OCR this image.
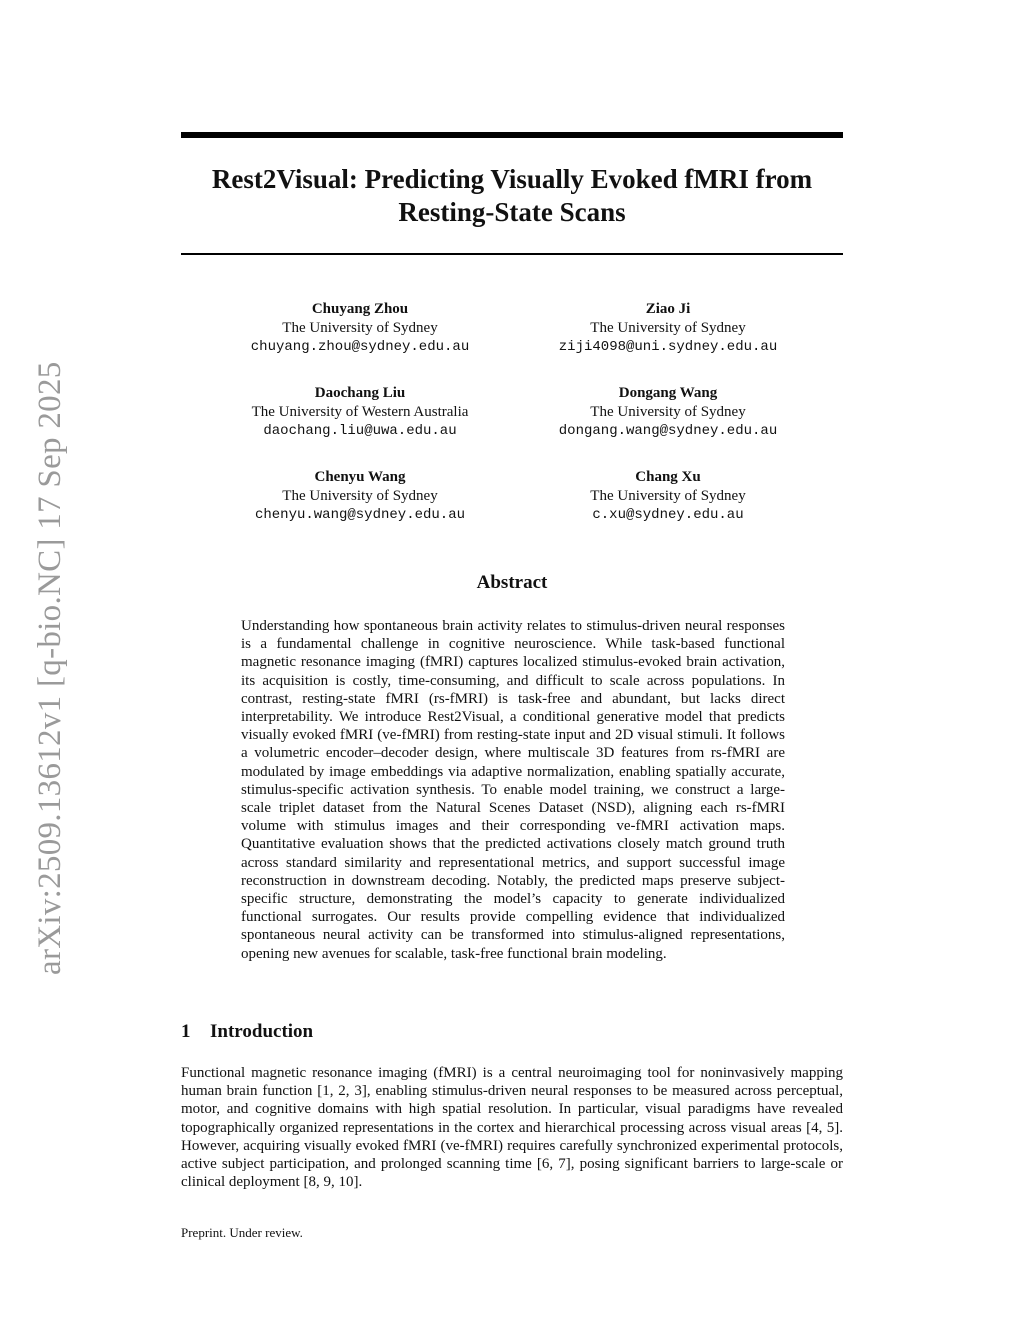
Rest2Visual: Predicting Visually Evoked fMRI from
Resting-State Scans
arXiv:2509.13612v1 [q-bio.NC] 17 Sep 2025
Chuyang Zhou
The University of Sydney
chuyang.zhou@sydney.edu.au
Ziao Ji
The University of Sydney
ziji4098@uni.sydney.edu.au
Daochang Liu
The University of Western Australia
daochang.liu@uwa.edu.au
Dongang Wang
The University of Sydney
dongang.wang@sydney.edu.au
Chenyu Wang
The University of Sydney
chenyu.wang@sydney.edu.au
Chang Xu
The University of Sydney
c.xu@sydney.edu.au
Abstract

Understanding how spontaneous brain activity relates to stimulus-driven neural responses is a fundamental challenge in cognitive neuroscience. While task-based functional magnetic resonance imaging (fMRI) captures localized stimulus-evoked brain activation, its acquisition is costly, time-consuming, and difficult to scale across populations. In contrast, resting-state fMRI (rs-fMRI) is task-free and abundant, but lacks direct interpretability. We introduce Rest2Visual, a conditional generative model that predicts visually evoked fMRI (ve-fMRI) from resting-state input and 2D visual stimuli. It follows a volumetric encoder–decoder design, where multiscale 3D features from rs-fMRI are modulated by image embeddings via adaptive normalization, enabling spatially accurate, stimulus-specific activation synthesis. To enable model training, we construct a large-scale triplet dataset from the Natural Scenes Dataset (NSD), aligning each rs-fMRI volume with stimulus images and their corresponding ve-fMRI activation maps. Quantitative evaluation shows that the predicted activations closely match ground truth across standard similarity and representational metrics, and support successful image reconstruction in downstream decoding. Notably, the predicted maps preserve subject-specific structure, demonstrating the model’s capacity to generate individualized functional surrogates. Our results provide compelling evidence that individualized spontaneous neural activity can be transformed into stimulus-aligned representations, opening new avenues for scalable, task-free functional brain modeling.

1 Introduction

Functional magnetic resonance imaging (fMRI) is a central neuroimaging tool for noninvasively mapping human brain function [1, 2, 3], enabling stimulus-driven neural responses to be measured across perceptual, motor, and cognitive domains with high spatial resolution. In particular, visual paradigms have revealed topographically organized representations in the cortex and hierarchical processing across visual areas [4, 5]. However, acquiring visually evoked fMRI (ve-fMRI) requires carefully synchronized experimental protocols, active subject participation, and prolonged scanning time [6, 7], posing significant barriers to large-scale or clinical deployment [8, 9, 10].

Preprint. Under review.
